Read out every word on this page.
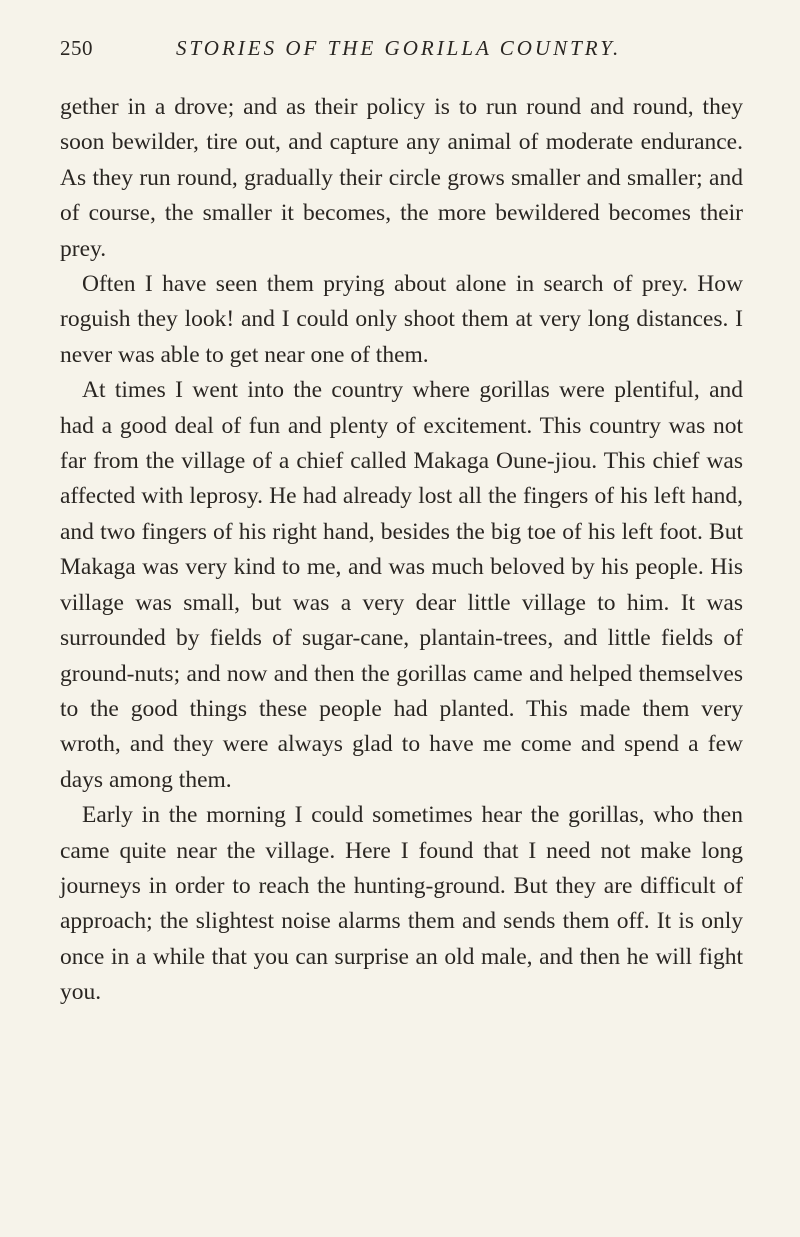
250	STORIES OF THE GORILLA COUNTRY.

gether in a drove; and as their policy is to run round and round, they soon bewilder, tire out, and capture any animal of moderate endurance. As they run round, gradually their circle grows smaller and smaller; and of course, the smaller it becomes, the more bewildered becomes their prey.

Often I have seen them prying about alone in search of prey. How roguish they look! and I could only shoot them at very long distances. I never was able to get near one of them.

At times I went into the country where gorillas were plentiful, and had a good deal of fun and plenty of excitement. This country was not far from the village of a chief called Makaga Oune-jiou. This chief was affected with leprosy. He had already lost all the fingers of his left hand, and two fingers of his right hand, besides the big toe of his left foot. But Makaga was very kind to me, and was much beloved by his people. His village was small, but was a very dear little village to him. It was surrounded by fields of sugar-cane, plantain-trees, and little fields of ground-nuts; and now and then the gorillas came and helped themselves to the good things these people had planted. This made them very wroth, and they were always glad to have me come and spend a few days among them.

Early in the morning I could sometimes hear the gorillas, who then came quite near the village. Here I found that I need not make long journeys in order to reach the hunting-ground. But they are difficult of approach; the slightest noise alarms them and sends them off. It is only once in a while that you can surprise an old male, and then he will fight you.
